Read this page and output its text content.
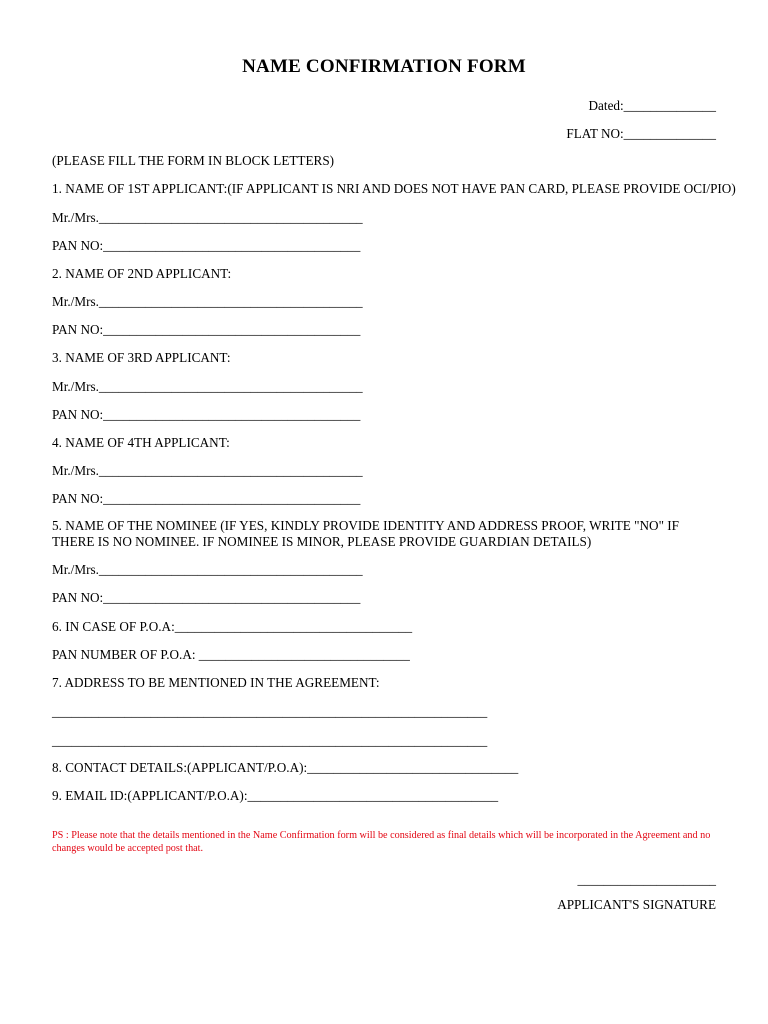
NAME CONFIRMATION FORM
Dated:______________
FLAT NO:______________
(PLEASE FILL THE FORM IN BLOCK LETTERS)
1. NAME OF 1ST APPLICANT:(IF APPLICANT IS NRI AND DOES NOT HAVE PAN CARD, PLEASE PROVIDE OCI/PIO)
Mr./Mrs.________________________________________
PAN NO:_______________________________________
2. NAME OF 2ND APPLICANT:
Mr./Mrs.________________________________________
PAN NO:_______________________________________
3. NAME OF 3RD APPLICANT:
Mr./Mrs.________________________________________
PAN NO:_______________________________________
4. NAME OF 4TH APPLICANT:
Mr./Mrs.________________________________________
PAN NO:_______________________________________
5. NAME OF THE NOMINEE (IF YES, KINDLY PROVIDE IDENTITY AND ADDRESS PROOF, WRITE "NO" IF THERE IS NO NOMINEE. IF NOMINEE IS MINOR, PLEASE PROVIDE GUARDIAN DETAILS)
Mr./Mrs.________________________________________
PAN NO:_______________________________________
6. IN CASE OF P.O.A:____________________________________
PAN NUMBER OF P.O.A: ________________________________
7. ADDRESS TO BE MENTIONED IN THE AGREEMENT:
__________________________________________________________________
__________________________________________________________________
8. CONTACT DETAILS:(APPLICANT/P.O.A):________________________________
9. EMAIL ID:(APPLICANT/P.O.A):______________________________________
PS : Please note that the details mentioned in the Name Confirmation form will be considered as final details which will be incorporated in the Agreement and no changes would be accepted post that.
_____________________
APPLICANT'S SIGNATURE
